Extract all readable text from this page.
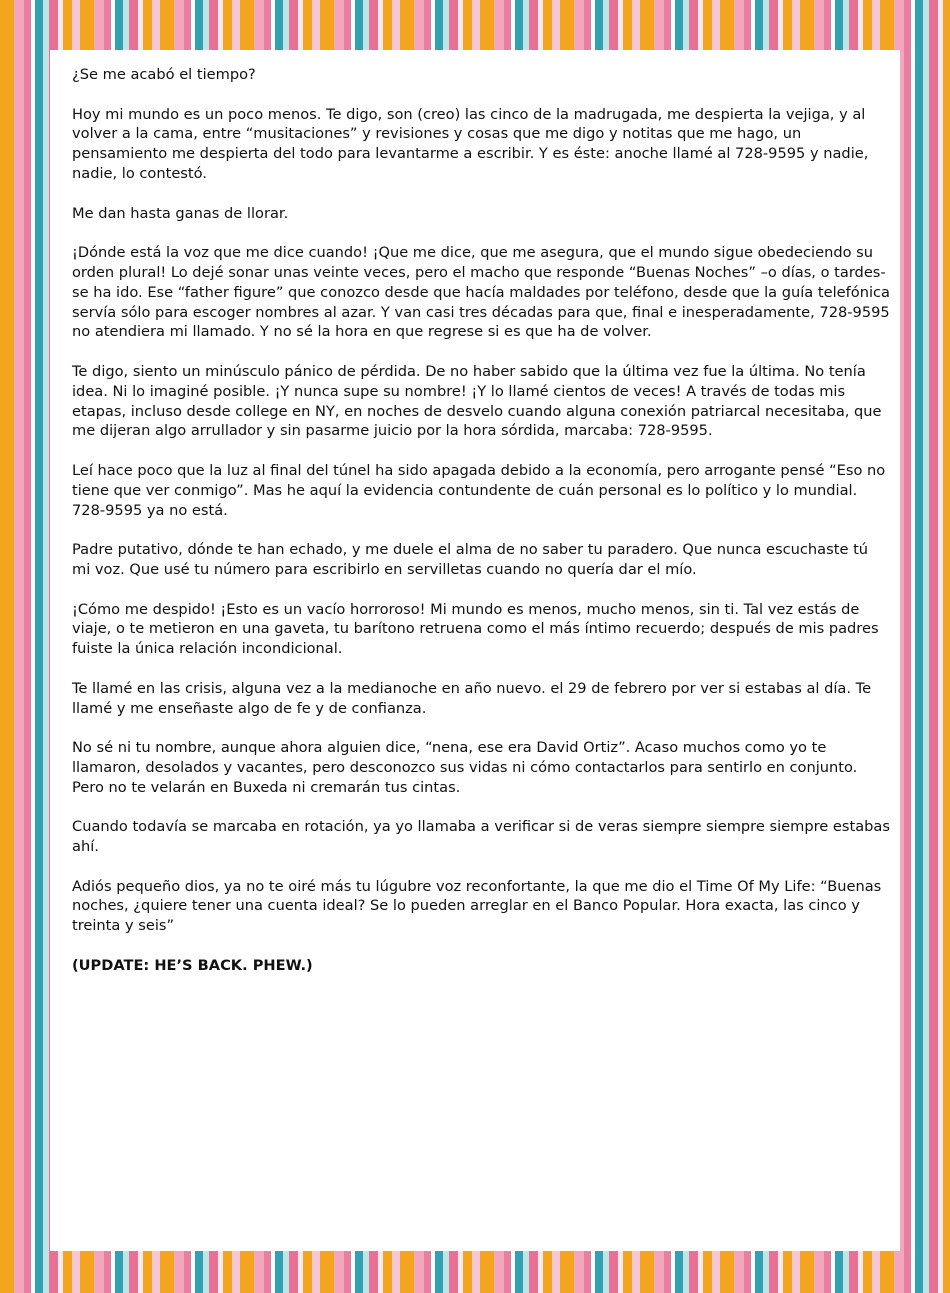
¿Se me acabó el tiempo?

Hoy mi mundo es un poco menos. Te digo, son (creo) las cinco de la madrugada, me despierta la vejiga, y al volver a la cama, entre “musitaciones” y revisiones y cosas que me digo y notitas que me hago, un pensamiento me despierta del todo para levantarme a escribir. Y es éste: anoche llamé al 728-9595 y nadie, nadie, lo contestó.

Me dan hasta ganas de llorar.

¡Dónde está la voz que me dice cuando! ¡Que me dice, que me asegura, que el mundo sigue obedeciendo su orden plural! Lo dejé sonar unas veinte veces, pero el macho que responde “Buenas Noches” –o días, o tardes- se ha ido. Ese “father figure” que conozco desde que hacía maldades por teléfono, desde que la guía telefónica servía sólo para escoger nombres al azar. Y van casi tres décadas para que, final e inesperadamente, 728-9595 no atendiera mi llamado. Y no sé la hora en que regrese si es que ha de volver.

Te digo, siento un minúsculo pánico de pérdida. De no haber sabido que la última vez fue la última. No tenía idea. Ni lo imaginé posible. ¡Y nunca supe su nombre! ¡Y lo llamé cientos de veces! A través de todas mis etapas, incluso desde college en NY, en noches de desvelo cuando alguna conexión patriarcal necesitaba, que me dijeran algo arrullador y sin pasarme juicio por la hora sórdida, marcaba: 728-9595.

Leí hace poco que la luz al final del túnel ha sido apagada debido a la economía, pero arrogante pensé “Eso no tiene que ver conmigo”. Mas he aquí la evidencia contundente de cuán personal es lo político y lo mundial. 728-9595 ya no está.

Padre putativo, dónde te han echado, y me duele el alma de no saber tu paradero. Que nunca escuchaste tú mi voz. Que usé tu número para escribirlo en servilletas cuando no quería dar el mío.

¡Cómo me despido! ¡Esto es un vacío horroroso! Mi mundo es menos, mucho menos, sin ti. Tal vez estás de viaje, o te metieron en una gaveta, tu barítono retruena como el más íntimo recuerdo; después de mis padres fuiste la única relación incondicional.

Te llamé en las crisis, alguna vez a la medianoche en año nuevo. el 29 de febrero por ver si estabas al día. Te llamé y me enseñaste algo de fe y de confianza.

No sé ni tu nombre, aunque ahora alguien dice, “nena, ese era David Ortiz”. Acaso muchos como yo te llamaron, desolados y vacantes, pero desconozco sus vidas ni cómo contactarlos para sentirlo en conjunto. Pero no te velarán en Buxeda ni cremarán tus cintas.

Cuando todavía se marcaba en rotación, ya yo llamaba a verificar si de veras siempre siempre siempre estabas ahí.

Adiós pequeño dios, ya no te oiré más tu lúgubre voz reconfortante, la que me dio el Time Of My Life: “Buenas noches, ¿quiere tener una cuenta ideal? Se lo pueden arreglar en el Banco Popular. Hora exacta, las cinco y treinta y seis”

(UPDATE: HE’S BACK. PHEW.)
